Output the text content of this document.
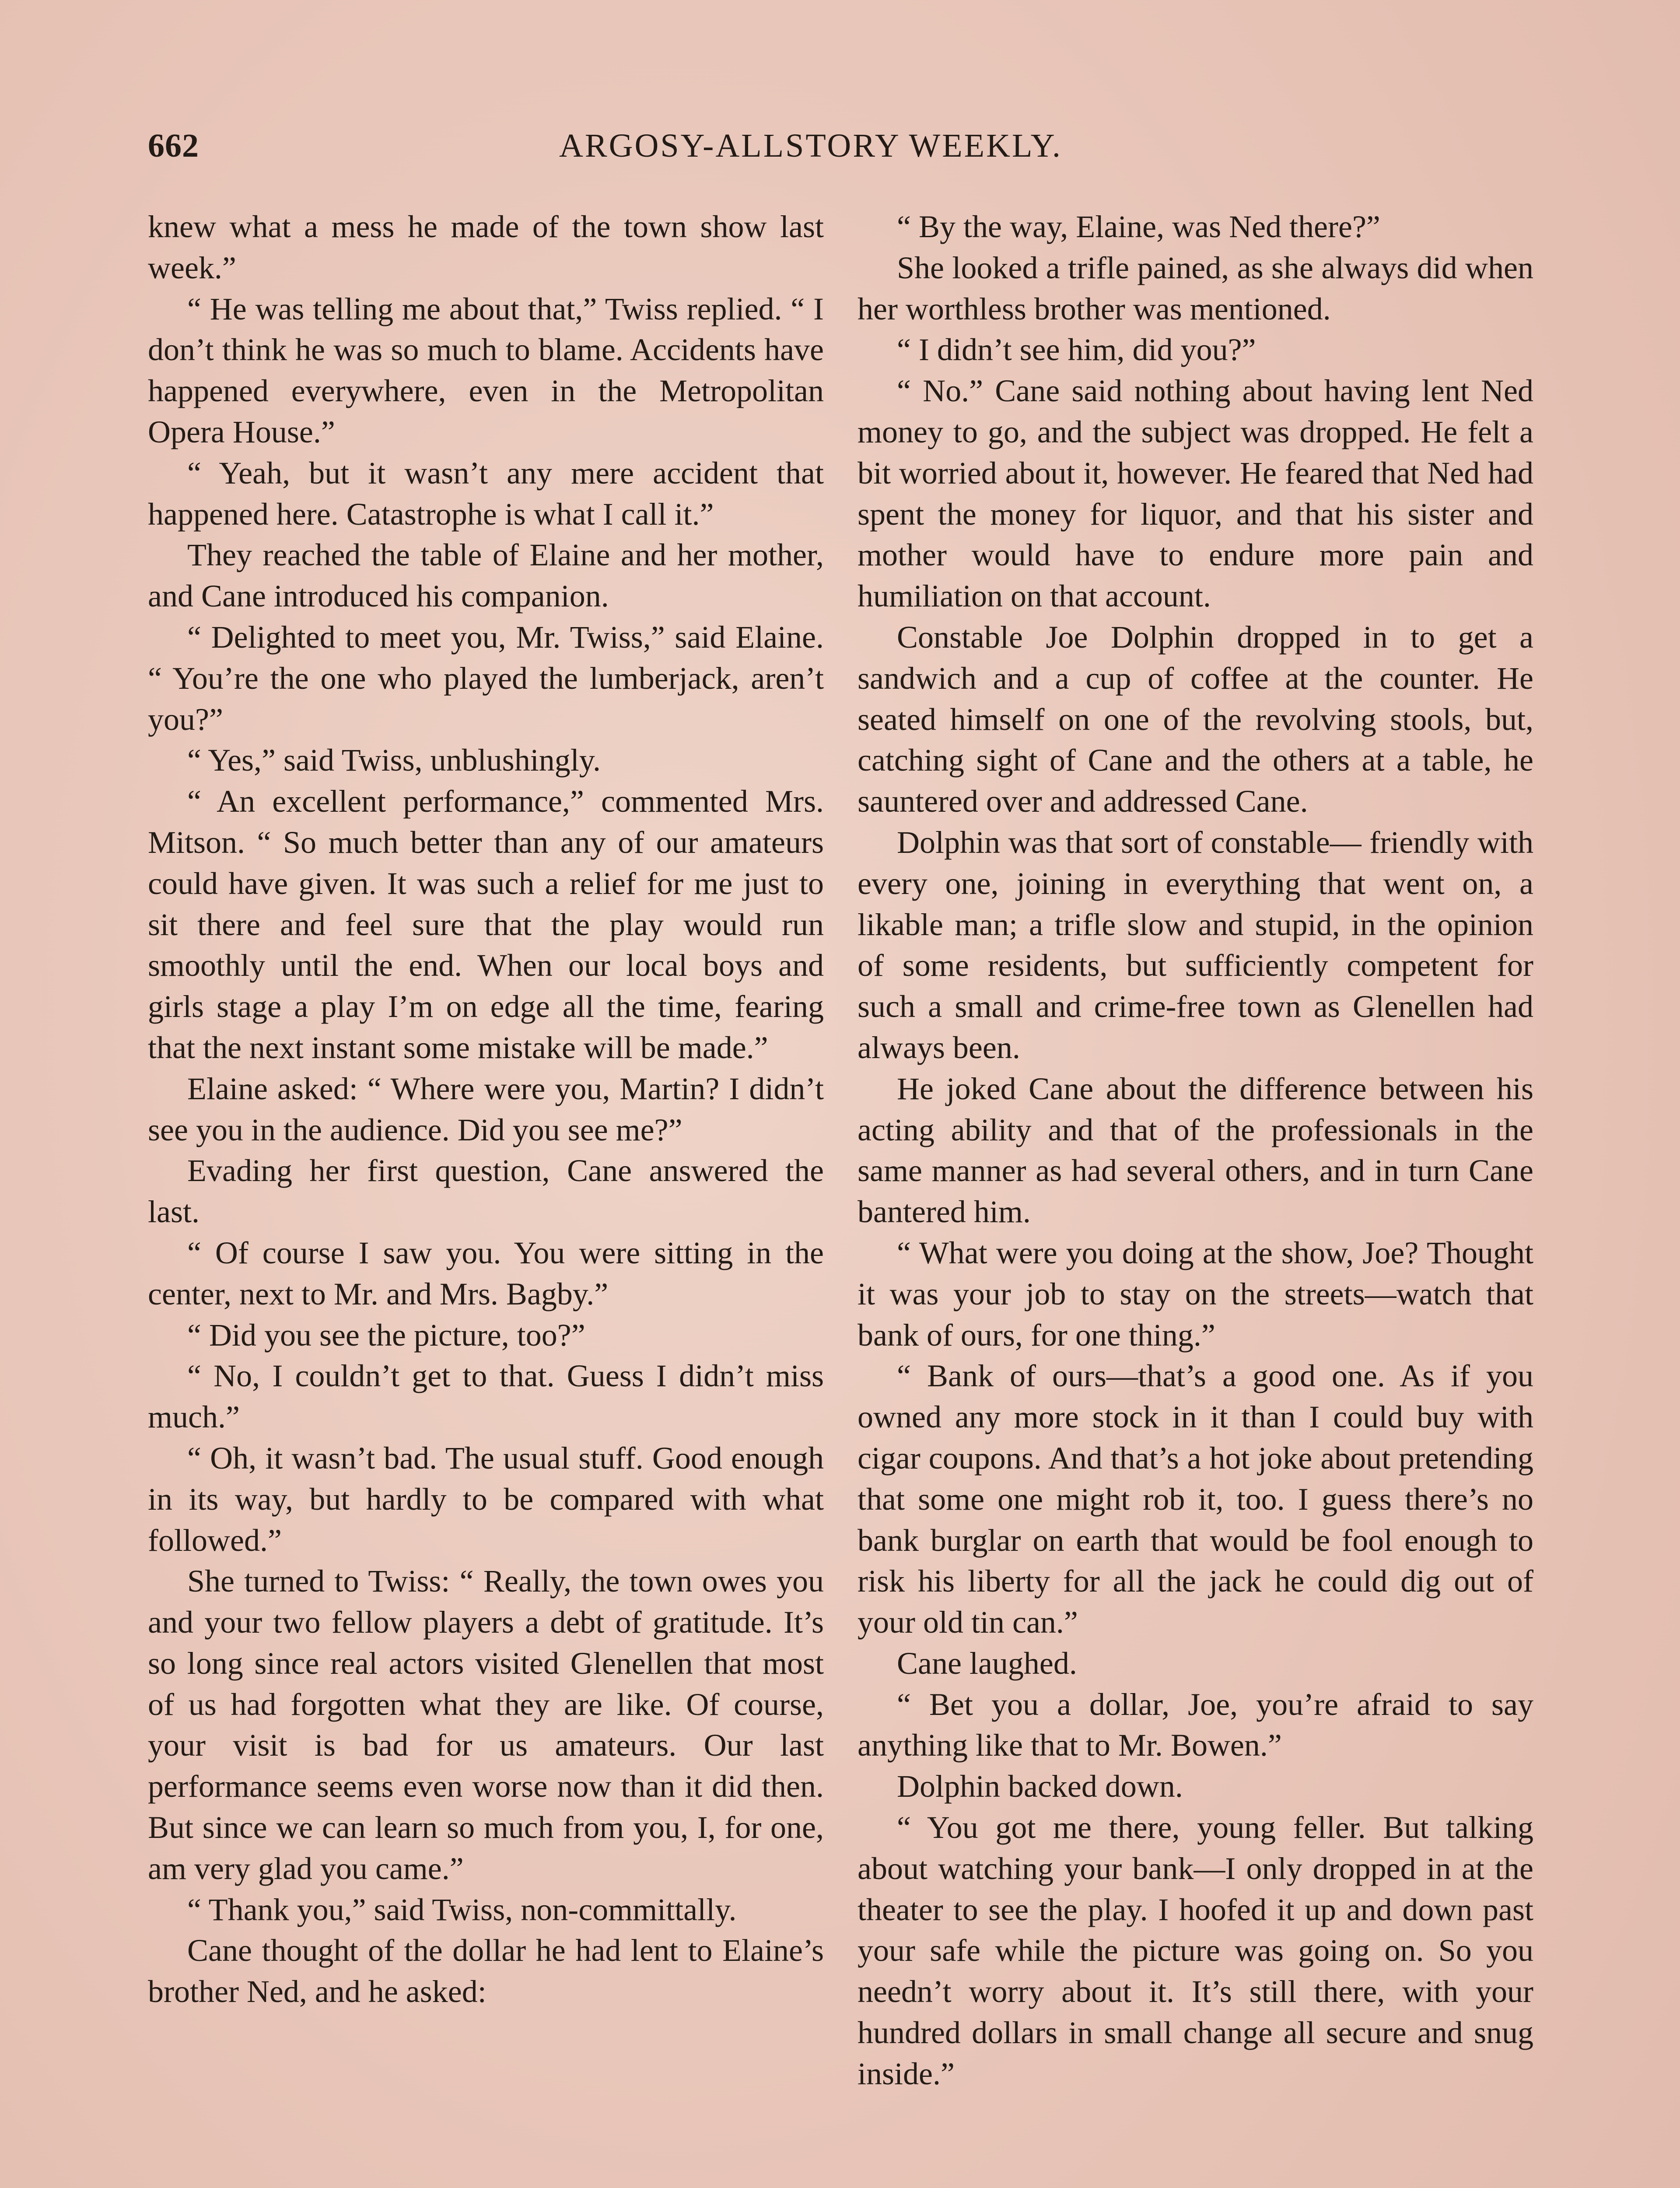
662	ARGOSY-ALLSTORY WEEKLY.

knew what a mess he made of the town show last week.”

“ He was telling me about that,” Twiss replied. “ I don’t think he was so much to blame. Accidents have happened everywhere, even in the Metropolitan Opera House.”

“ Yeah, but it wasn’t any mere accident that happened here. Catastrophe is what I call it.”

They reached the table of Elaine and her mother, and Cane introduced his companion.

“ Delighted to meet you, Mr. Twiss,” said Elaine. “ You’re the one who played the lumberjack, aren’t you?”

“ Yes,” said Twiss, unblushingly.

“ An excellent performance,” commented Mrs. Mitson. “ So much better than any of our amateurs could have given. It was such a relief for me just to sit there and feel sure that the play would run smoothly until the end. When our local boys and girls stage a play I’m on edge all the time, fearing that the next instant some mistake will be made.”

Elaine asked: “ Where were you, Martin? I didn’t see you in the audience. Did you see me?”

Evading her first question, Cane answered the last.

“ Of course I saw you. You were sitting in the center, next to Mr. and Mrs. Bagby.”

“ Did you see the picture, too?”

“ No, I couldn’t get to that. Guess I didn’t miss much.”

“ Oh, it wasn’t bad. The usual stuff. Good enough in its way, but hardly to be compared with what followed.”

She turned to Twiss: “ Really, the town owes you and your two fellow players a debt of gratitude. It’s so long since real actors visited Glenellen that most of us had forgotten what they are like. Of course, your visit is bad for us amateurs. Our last performance seems even worse now than it did then. But since we can learn so much from you, I, for one, am very glad you came.”

“ Thank you,” said Twiss, non-committally.

Cane thought of the dollar he had lent to Elaine’s brother Ned, and he asked:

“ By the way, Elaine, was Ned there?”

She looked a trifle pained, as she always did when her worthless brother was mentioned.

“ I didn’t see him, did you?”

“ No.” Cane said nothing about having lent Ned money to go, and the subject was dropped. He felt a bit worried about it, however. He feared that Ned had spent the money for liquor, and that his sister and mother would have to endure more pain and humiliation on that account.

Constable Joe Dolphin dropped in to get a sandwich and a cup of coffee at the counter. He seated himself on one of the revolving stools, but, catching sight of Cane and the others at a table, he sauntered over and addressed Cane.

Dolphin was that sort of constable— friendly with every one, joining in everything that went on, a likable man; a trifle slow and stupid, in the opinion of some residents, but sufficiently competent for such a small and crime-free town as Glenellen had always been.

He joked Cane about the difference between his acting ability and that of the professionals in the same manner as had several others, and in turn Cane bantered him.

“ What were you doing at the show, Joe? Thought it was your job to stay on the streets—watch that bank of ours, for one thing.”

“ Bank of ours—that’s a good one. As if you owned any more stock in it than I could buy with cigar coupons. And that’s a hot joke about pretending that some one might rob it, too. I guess there’s no bank burglar on earth that would be fool enough to risk his liberty for all the jack he could dig out of your old tin can.”

Cane laughed.

“ Bet you a dollar, Joe, you’re afraid to say anything like that to Mr. Bowen.”

Dolphin backed down.

“ You got me there, young feller. But talking about watching your bank—I only dropped in at the theater to see the play. I hoofed it up and down past your safe while the picture was going on. So you needn’t worry about it. It’s still there, with your hundred dollars in small change all secure and snug inside.”
